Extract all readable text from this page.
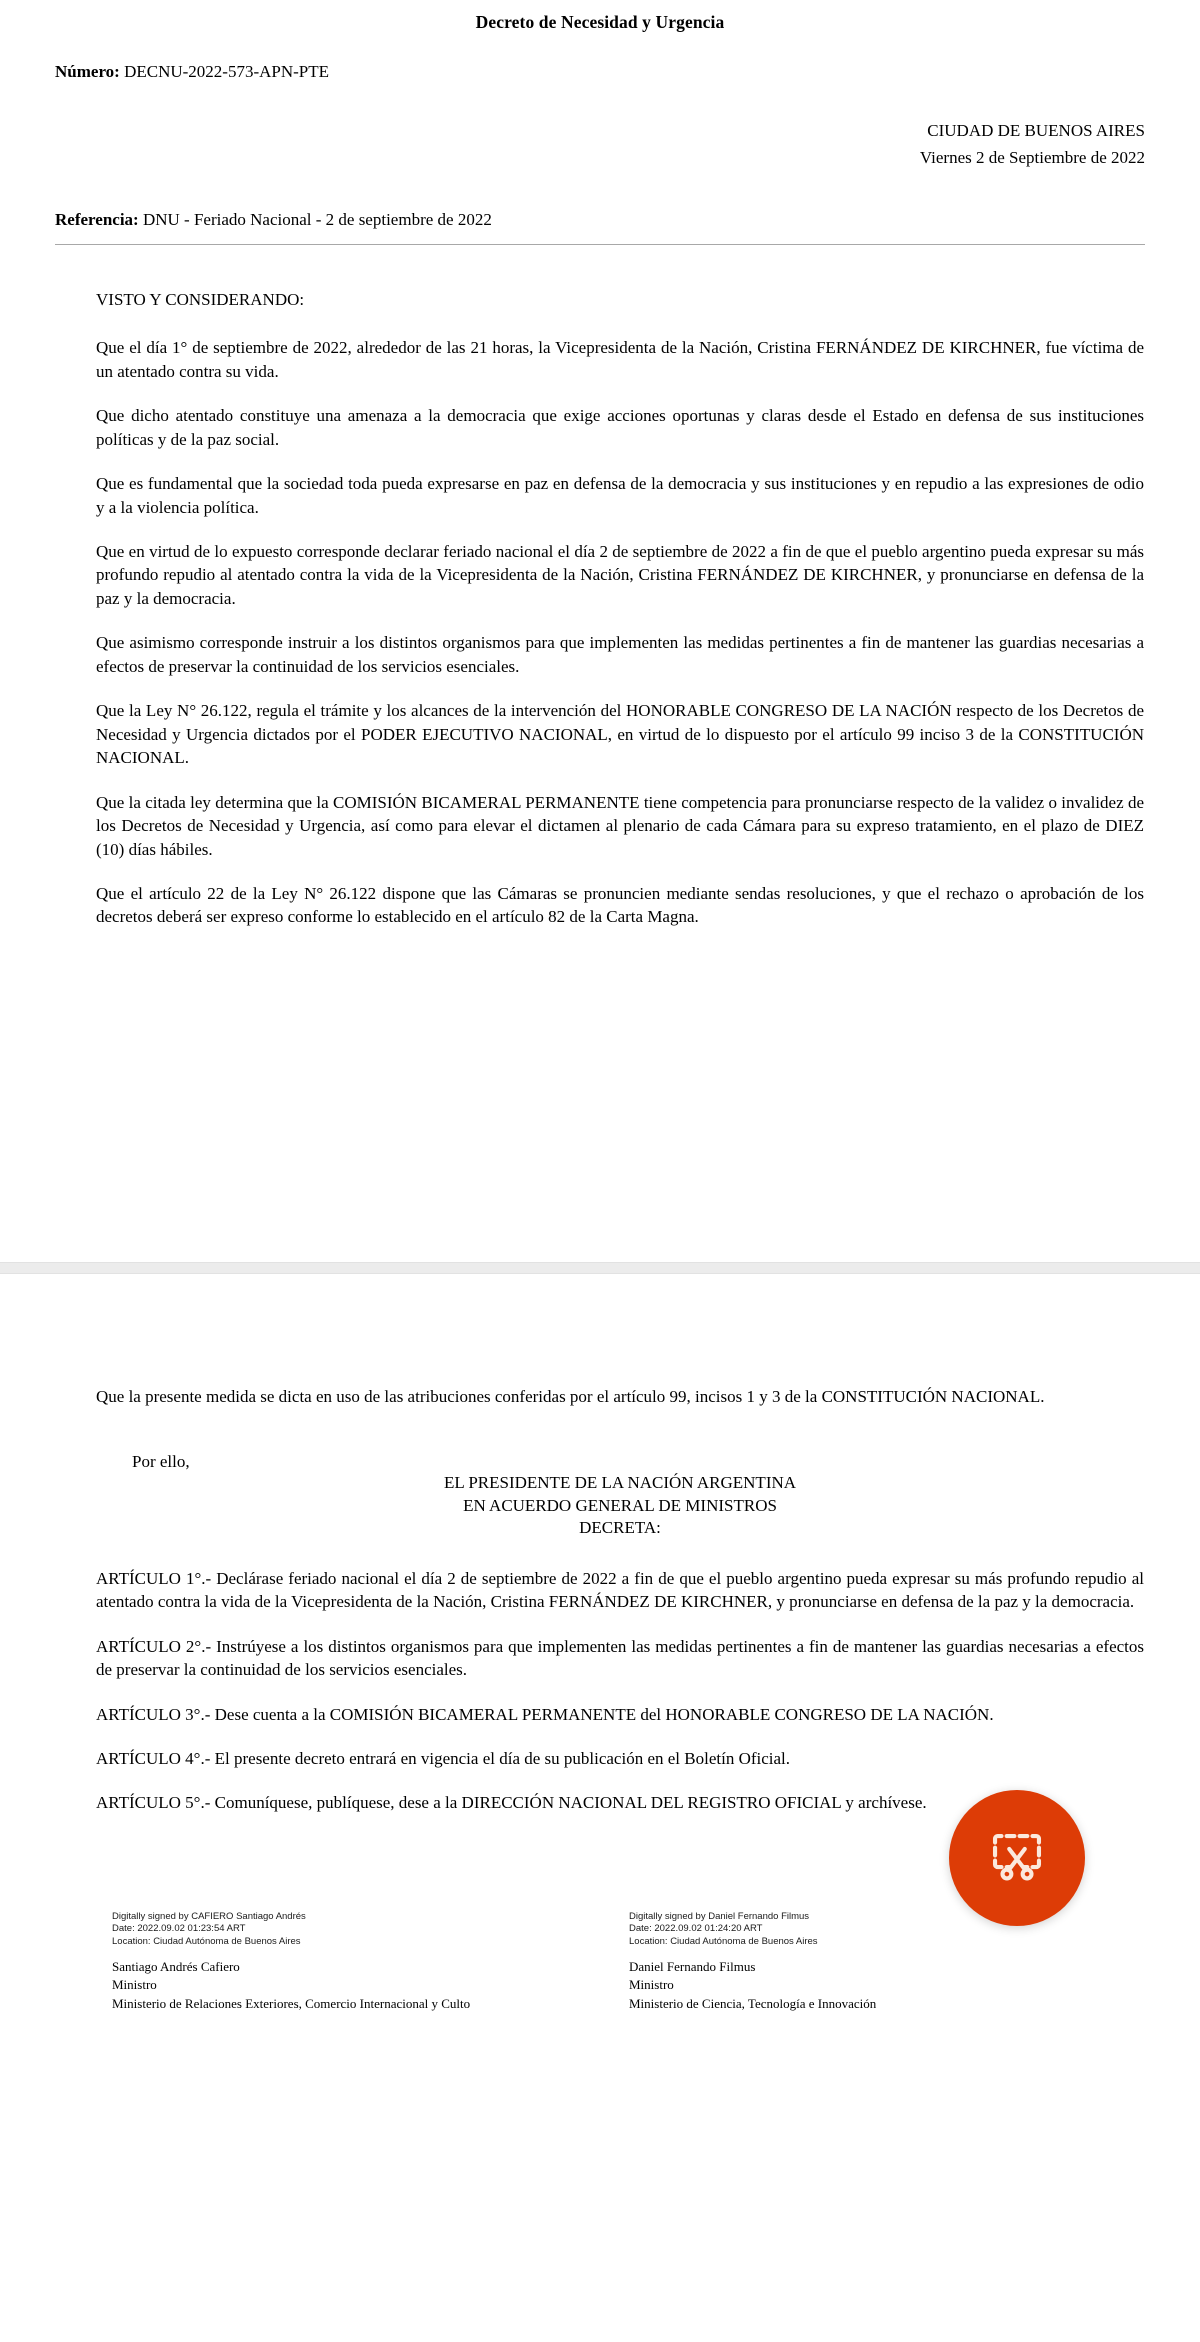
Decreto de Necesidad y Urgencia
Número: DECNU-2022-573-APN-PTE
CIUDAD DE BUENOS AIRES
Viernes 2 de Septiembre de 2022
Referencia: DNU - Feriado Nacional - 2 de septiembre de 2022
VISTO Y CONSIDERANDO:

Que el día 1° de septiembre de 2022, alrededor de las 21 horas, la Vicepresidenta de la Nación, Cristina FERNÁNDEZ DE KIRCHNER, fue víctima de un atentado contra su vida.

Que dicho atentado constituye una amenaza a la democracia que exige acciones oportunas y claras desde el Estado en defensa de sus instituciones políticas y de la paz social.

Que es fundamental que la sociedad toda pueda expresarse en paz en defensa de la democracia y sus instituciones y en repudio a las expresiones de odio y a la violencia política.

Que en virtud de lo expuesto corresponde declarar feriado nacional el día 2 de septiembre de 2022 a fin de que el pueblo argentino pueda expresar su más profundo repudio al atentado contra la vida de la Vicepresidenta de la Nación, Cristina FERNÁNDEZ DE KIRCHNER, y pronunciarse en defensa de la paz y la democracia.

Que asimismo corresponde instruir a los distintos organismos para que implementen las medidas pertinentes a fin de mantener las guardias necesarias a efectos de preservar la continuidad de los servicios esenciales.

Que la Ley N° 26.122, regula el trámite y los alcances de la intervención del HONORABLE CONGRESO DE LA NACIÓN respecto de los Decretos de Necesidad y Urgencia dictados por el PODER EJECUTIVO NACIONAL, en virtud de lo dispuesto por el artículo 99 inciso 3 de la CONSTITUCIÓN NACIONAL.

Que la citada ley determina que la COMISIÓN BICAMERAL PERMANENTE tiene competencia para pronunciarse respecto de la validez o invalidez de los Decretos de Necesidad y Urgencia, así como para elevar el dictamen al plenario de cada Cámara para su expreso tratamiento, en el plazo de DIEZ (10) días hábiles.

Que el artículo 22 de la Ley N° 26.122 dispone que las Cámaras se pronuncien mediante sendas resoluciones, y que el rechazo o aprobación de los decretos deberá ser expreso conforme lo establecido en el artículo 82 de la Carta Magna.

Que la presente medida se dicta en uso de las atribuciones conferidas por el artículo 99, incisos 1 y 3 de la CONSTITUCIÓN NACIONAL.

Por ello,

EL PRESIDENTE DE LA NACIÓN ARGENTINA

EN ACUERDO GENERAL DE MINISTROS

DECRETA:

ARTÍCULO 1°.- Declárase feriado nacional el día 2 de septiembre de 2022 a fin de que el pueblo argentino pueda expresar su más profundo repudio al atentado contra la vida de la Vicepresidenta de la Nación, Cristina FERNÁNDEZ DE KIRCHNER, y pronunciarse en defensa de la paz y la democracia.

ARTÍCULO 2°.- Instrúyese a los distintos organismos para que implementen las medidas pertinentes a fin de mantener las guardias necesarias a efectos de preservar la continuidad de los servicios esenciales.

ARTÍCULO 3°.- Dese cuenta a la COMISIÓN BICAMERAL PERMANENTE del HONORABLE CONGRESO DE LA NACIÓN.

ARTÍCULO 4°.- El presente decreto entrará en vigencia el día de su publicación en el Boletín Oficial.

ARTÍCULO 5°.- Comuníquese, publíquese, dese a la DIRECCIÓN NACIONAL DEL REGISTRO OFICIAL y archívese.

Digitally signed by CAFIERO Santiago Andrés
Date: 2022.09.02 01:23:54 ART
Location: Ciudad Autónoma de Buenos Aires
Santiago Andrés Cafiero
Ministro
Ministerio de Relaciones Exteriores, Comercio Internacional y Culto
Digitally signed by Daniel Fernando Filmus
Date: 2022.09.02 01:24:20 ART
Location: Ciudad Autónoma de Buenos Aires
Daniel Fernando Filmus
Ministro
Ministerio de Ciencia, Tecnología e Innovación
